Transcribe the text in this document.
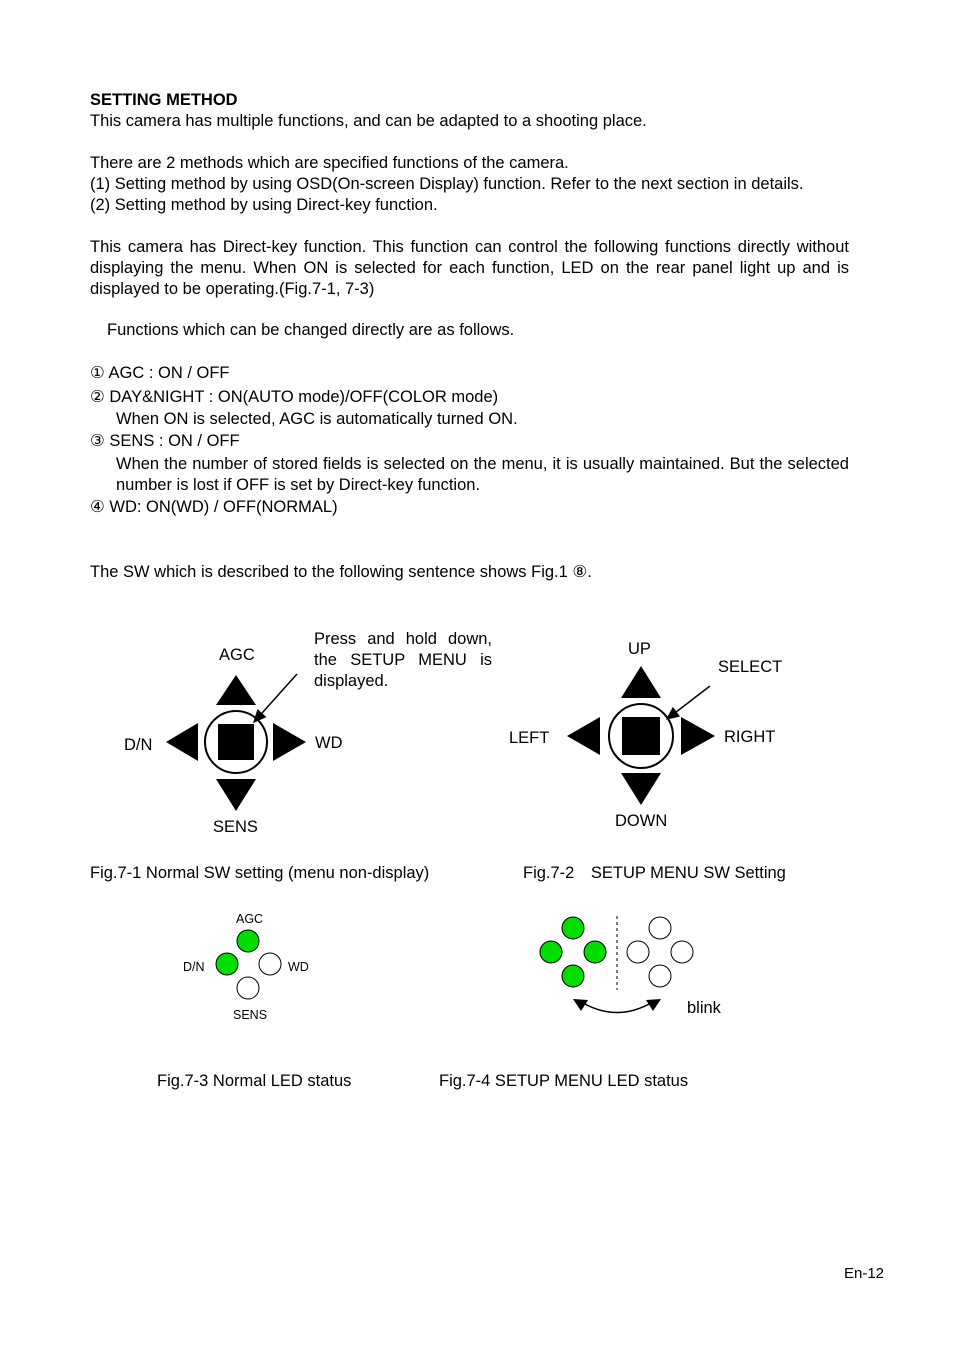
SETTING METHOD
This camera has multiple functions, and can be adapted to a shooting place.
There are 2 methods which are specified functions of the camera.
(1) Setting method by using OSD(On-screen Display) function. Refer to the next section in details.
(2) Setting method by using Direct-key function.
This camera has Direct-key function. This function can control the following functions directly without displaying the menu. When ON is selected for each function, LED on the rear panel light up and is displayed to be operating.(Fig.7-1, 7-3)
Functions which can be changed directly are as follows.
① AGC : ON / OFF
② DAY&NIGHT : ON(AUTO mode)/OFF(COLOR mode)
When ON is selected, AGC is automatically turned ON.
③ SENS : ON / OFF
When the number of stored fields is selected on the menu, it is usually maintained. But the selected number is lost if OFF is set by Direct-key function.
④ WD: ON(WD) / OFF(NORMAL)
The SW which is described to the following sentence shows Fig.1 ⑧.
AGC
D/N	WD
SENS
Press and hold down, the SETUP MENU is displayed.
Fig.7-1 Normal SW setting (menu non-display)
UP
SELECT
LEFT	RIGHT
DOWN
Fig.7-2　SETUP MENU SW Setting
AGC
D/N	WD
SENS
Fig.7-3 Normal LED status
blink
Fig.7-4 SETUP MENU LED status
En-12
